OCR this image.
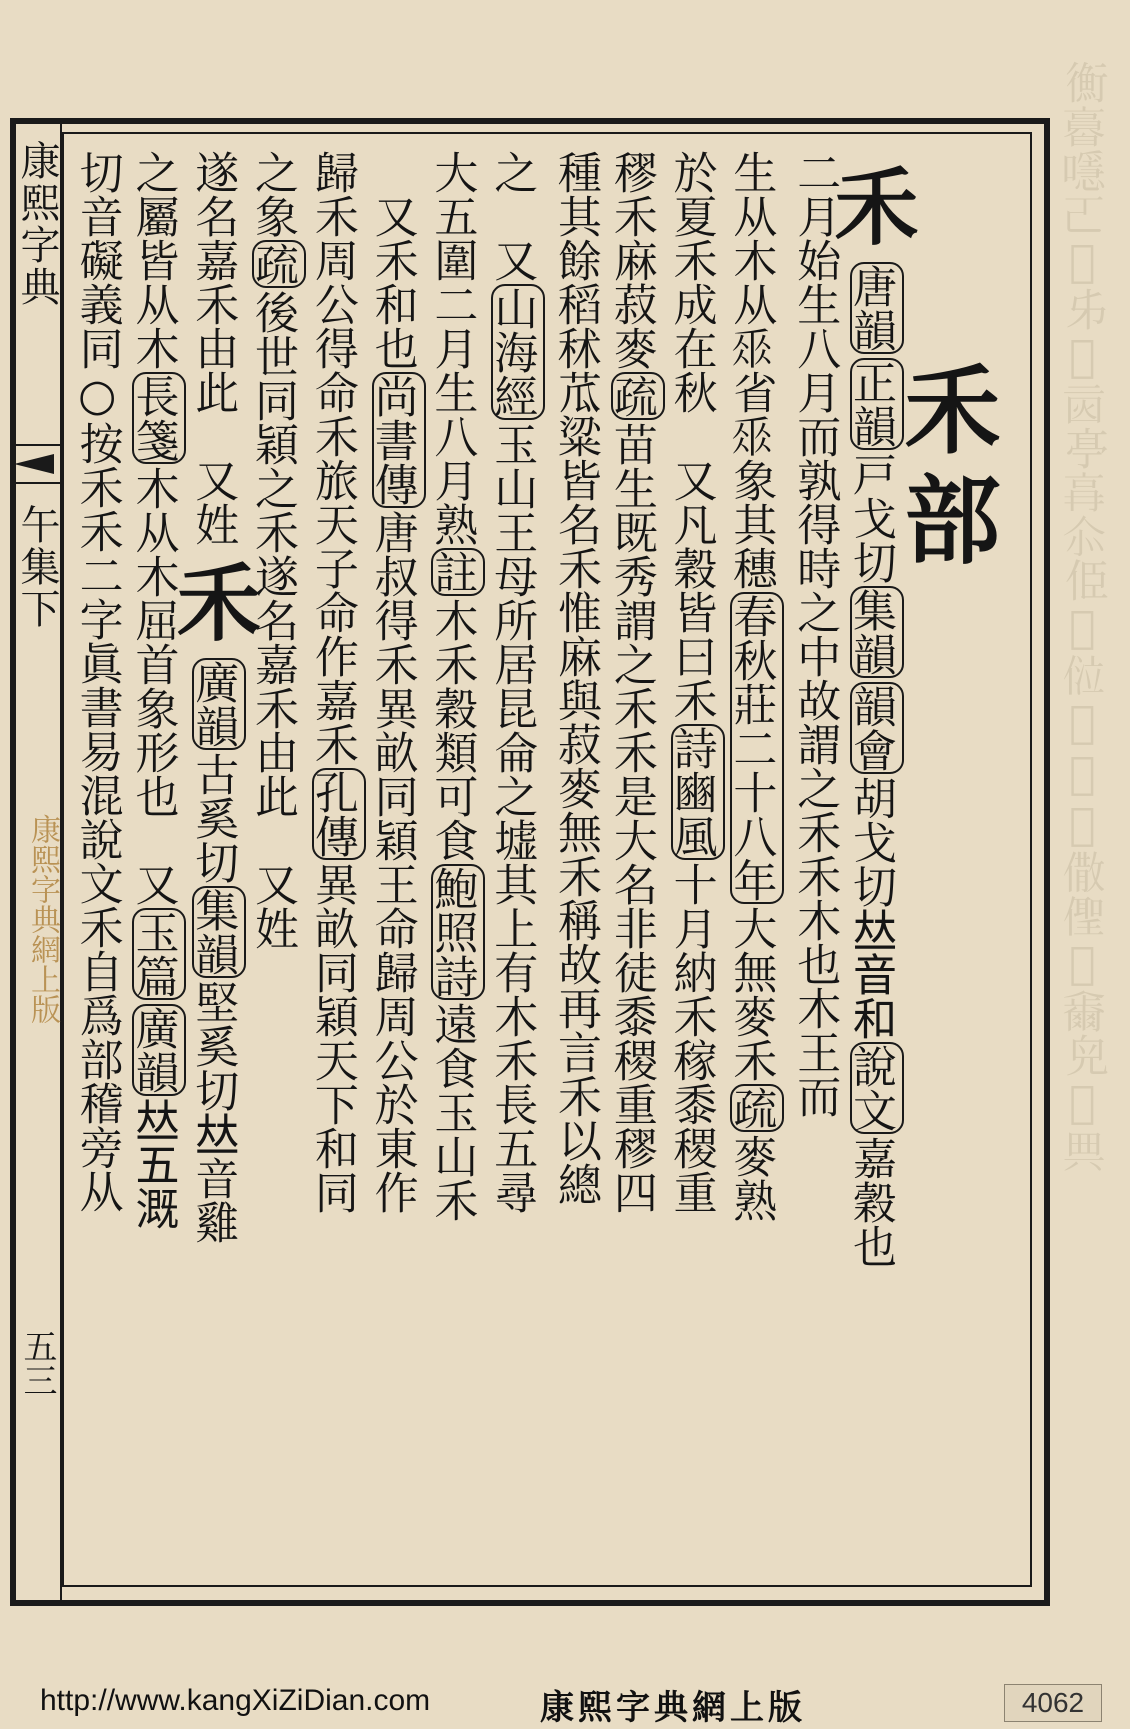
𢖍𠆌𡁋𠀀𠁢𠂔𠃛𠄰𠅘𠆂𠇍𠈄𠉆𠊔𠋃𠌁𠍋𠎭𠏄𠐒𠑂𠒇𠓛𠔓
康熙字典
午集下
康熙字典網上版
五三
禾部
禾唐韻正韻戸戈切集韻韻會胡戈切𠀤音和說文嘉穀也
二月始生八月而孰得時之中故謂之禾禾木也木王而
生从木从𠂹省𠂹象其穗春秋莊二十八年大無麥禾疏麥熟
於夏禾成在秋　又凡穀皆曰禾詩豳風十月納禾稼黍稷重
穋禾麻菽麥疏苗生既秀謂之禾禾是大名非徒黍稷重穋四
種其餘稻秫苽粱皆名禾惟麻與菽麥無禾稱故再言禾以總
之　又山海經玉山王母所居昆侖之墟其上有木禾長五尋
大五圍二月生八月熟註木禾穀類可食鮑照詩遠食玉山禾
　又禾和也尚書傳唐叔得禾異畝同穎王命歸周公於東作
歸禾周公得命禾旅天子命作嘉禾孔傳異畝同穎天下和同
之象疏後世同穎之禾遂名嘉禾由此　又姓
遂名嘉禾由此　又姓禾廣韻古奚切集韻堅奚切𠀤音雞
之屬皆从木長箋木从木屈首象形也　又玉篇廣韻𠀤五溉
切音礙義同○按禾禾二字眞書易混說文禾自爲部稽旁从
http://www.kangXiZiDian.com	康熙字典網上版	4062
